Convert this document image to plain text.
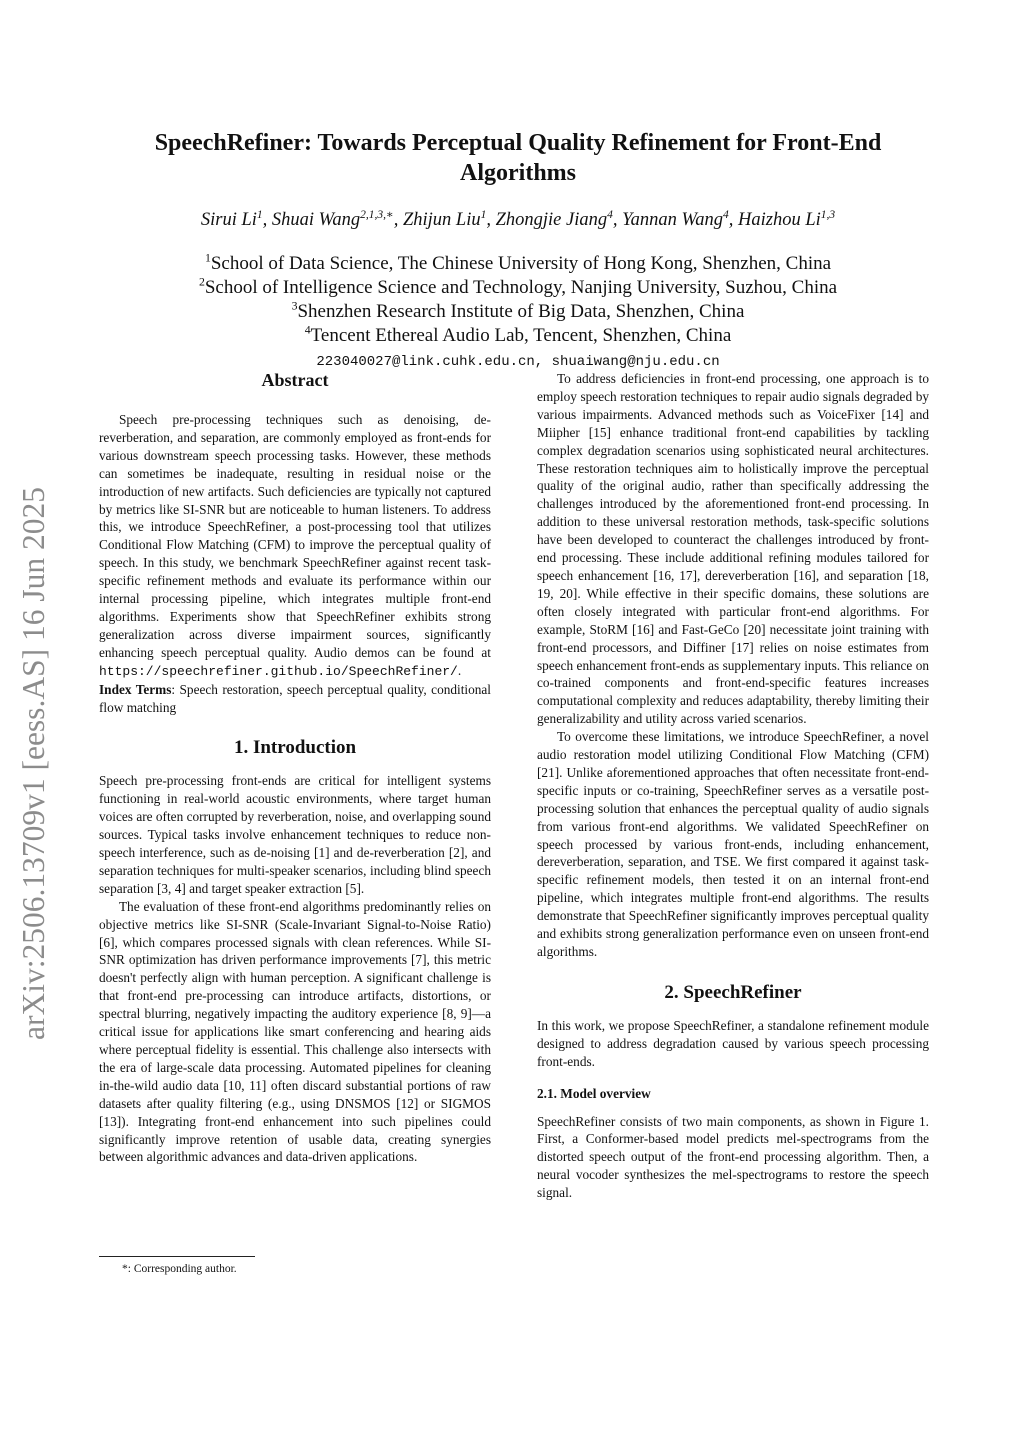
arXiv:2506.13709v1 [eess.AS] 16 Jun 2025
SpeechRefiner: Towards Perceptual Quality Refinement for Front-End Algorithms
Sirui Li$^1$, Shuai Wang$^{2,1,3,∗}$, Zhijun Liu$^1$, Zhongjie Jiang$^4$, Yannan Wang$^4$, Haizhou Li$^{1,3}$
$^1$School of Data Science, The Chinese University of Hong Kong, Shenzhen, China
$^2$School of Intelligence Science and Technology, Nanjing University, Suzhou, China
$^3$Shenzhen Research Institute of Big Data, Shenzhen, China
$^4$Tencent Ethereal Audio Lab, Tencent, Shenzhen, China
223040027@link.cuhk.edu.cn, shuaiwang@nju.edu.cn
Abstract

Speech pre-processing techniques such as denoising, de-reverberation, and separation, are commonly employed as front-ends for various downstream speech processing tasks. However, these methods can sometimes be inadequate, resulting in residual noise or the introduction of new artifacts. Such deficiencies are typically not captured by metrics like SI-SNR but are noticeable to human listeners. To address this, we introduce SpeechRefiner, a post-processing tool that utilizes Conditional Flow Matching (CFM) to improve the perceptual quality of speech. In this study, we benchmark SpeechRefiner against recent task-specific refinement methods and evaluate its performance within our internal processing pipeline, which integrates multiple front-end algorithms. Experiments show that SpeechRefiner exhibits strong generalization across diverse impairment sources, significantly enhancing speech perceptual quality. Audio demos can be found at https://speechrefiner.github.io/SpeechRefiner/.

Index Terms: Speech restoration, speech perceptual quality, conditional flow matching

1. Introduction

Speech pre-processing front-ends are critical for intelligent systems functioning in real-world acoustic environments, where target human voices are often corrupted by reverberation, noise, and overlapping sound sources. Typical tasks involve enhancement techniques to reduce non-speech interference, such as de-noising [1] and de-reverberation [2], and separation techniques for multi-speaker scenarios, including blind speech separation [3, 4] and target speaker extraction [5].

The evaluation of these front-end algorithms predominantly relies on objective metrics like SI-SNR (Scale-Invariant Signal-to-Noise Ratio) [6], which compares processed signals with clean references. While SI-SNR optimization has driven performance improvements [7], this metric doesn't perfectly align with human perception. A significant challenge is that front-end pre-processing can introduce artifacts, distortions, or spectral blurring, negatively impacting the auditory experience [8, 9]—a critical issue for applications like smart conferencing and hearing aids where perceptual fidelity is essential. This challenge also intersects with the era of large-scale data processing. Automated pipelines for cleaning in-the-wild audio data [10, 11] often discard substantial portions of raw datasets after quality filtering (e.g., using DNSMOS [12] or SIGMOS [13]). Integrating front-end enhancement into such pipelines could significantly improve retention of usable data, creating synergies between algorithmic advances and data-driven applications.

To address deficiencies in front-end processing, one approach is to employ speech restoration techniques to repair audio signals degraded by various impairments. Advanced methods such as VoiceFixer [14] and Miipher [15] enhance traditional front-end capabilities by tackling complex degradation scenarios using sophisticated neural architectures. These restoration techniques aim to holistically improve the perceptual quality of the original audio, rather than specifically addressing the challenges introduced by the aforementioned front-end processing. In addition to these universal restoration methods, task-specific solutions have been developed to counteract the challenges introduced by front-end processing. These include additional refining modules tailored for speech enhancement [16, 17], dereverberation [16], and separation [18, 19, 20]. While effective in their specific domains, these solutions are often closely integrated with particular front-end algorithms. For example, StoRM [16] and Fast-GeCo [20] necessitate joint training with front-end processors, and Diffiner [17] relies on noise estimates from speech enhancement front-ends as supplementary inputs. This reliance on co-trained components and front-end-specific features increases computational complexity and reduces adaptability, thereby limiting their generalizability and utility across varied scenarios.

To overcome these limitations, we introduce SpeechRefiner, a novel audio restoration model utilizing Conditional Flow Matching (CFM) [21]. Unlike aforementioned approaches that often necessitate front-end-specific inputs or co-training, SpeechRefiner serves as a versatile post-processing solution that enhances the perceptual quality of audio signals from various front-end algorithms. We validated SpeechRefiner on speech processed by various front-ends, including enhancement, dereverberation, separation, and TSE. We first compared it against task-specific refinement models, then tested it on an internal front-end pipeline, which integrates multiple front-end algorithms. The results demonstrate that SpeechRefiner significantly improves perceptual quality and exhibits strong generalization performance even on unseen front-end algorithms.

2. SpeechRefiner

In this work, we propose SpeechRefiner, a standalone refinement module designed to address degradation caused by various speech processing front-ends.

2.1. Model overview

SpeechRefiner consists of two main components, as shown in Figure 1. First, a Conformer-based model predicts mel-spectrograms from the distorted speech output of the front-end processing algorithm. Then, a neural vocoder synthesizes the mel-spectrograms to restore the speech signal.

*: Corresponding author.
